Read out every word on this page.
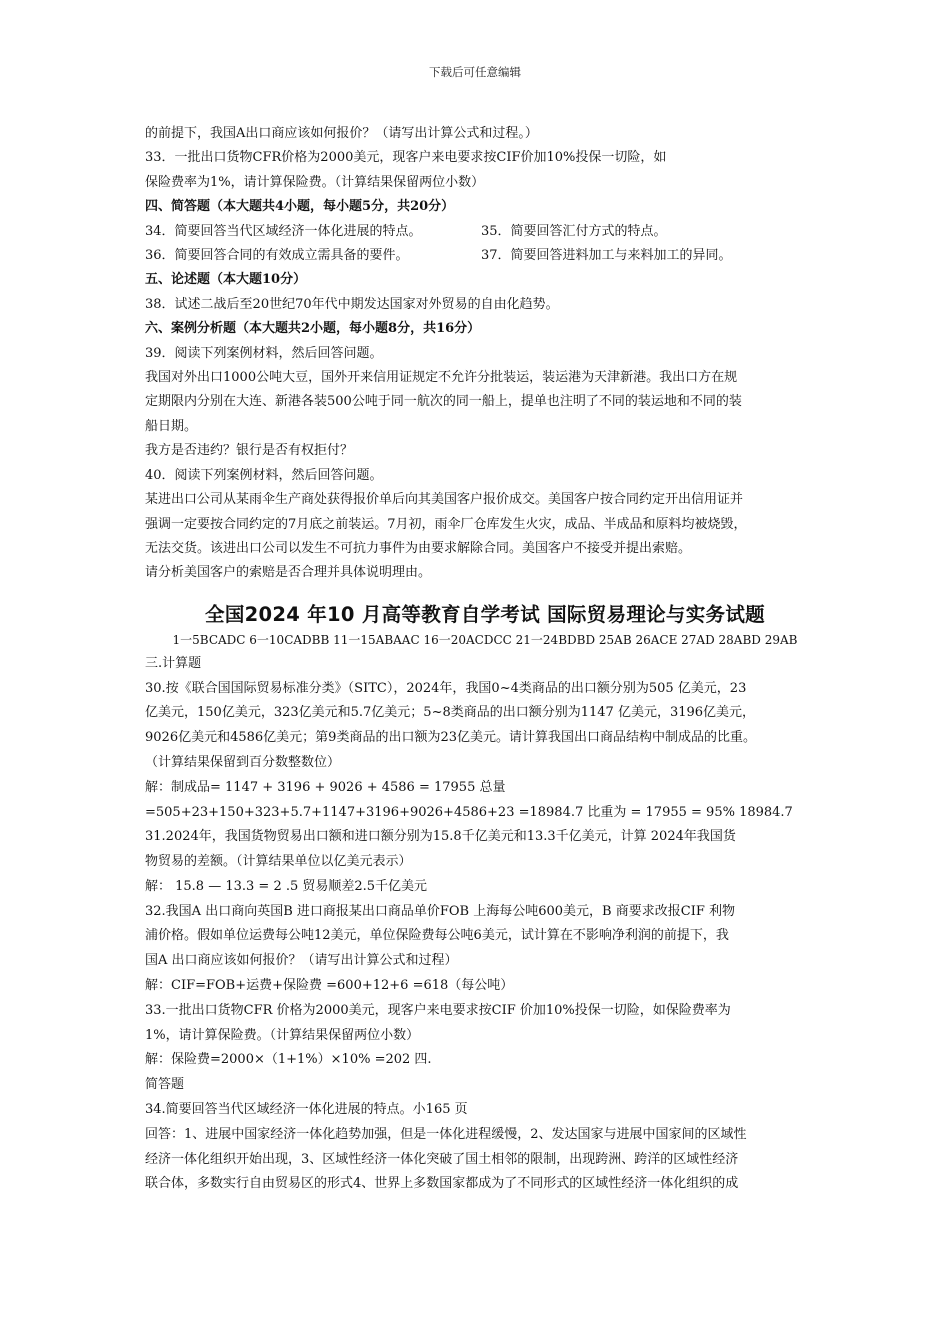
下载后可任意编辑

的前提下，我国A出口商应该如何报价？（请写出计算公式和过程。）

33．一批出口货物CFR价格为2000美元，现客户来电要求按CIF价加10%投保一切险，如

保险费率为1%，请计算保险费。（计算结果保留两位小数）

四、简答题（本大题共4小题，每小题5分，共20分）

34．简要回答当代区域经济一体化进展的特点。	35．简要回答汇付方式的特点。

36．简要回答合同的有效成立需具备的要件。	37．简要回答进料加工与来料加工的异同。

五、论述题（本大题10分）

38．试述二战后至20世纪70年代中期发达国家对外贸易的自由化趋势。

六、案例分析题（本大题共2小题，每小题8分，共16分）

39．阅读下列案例材料，然后回答问题。

我国对外出口1000公吨大豆，国外开来信用证规定不允许分批装运，装运港为天津新港。我出口方在规

定期限内分别在大连、新港各装500公吨于同一航次的同一船上，提单也注明了不同的装运地和不同的装

船日期。

我方是否违约？银行是否有权拒付？

40．阅读下列案例材料，然后回答问题。

某进出口公司从某雨伞生产商处获得报价单后向其美国客户报价成交。美国客户按合同约定开出信用证并

强调一定要按合同约定的7月底之前装运。7月初，雨伞厂仓库发生火灾，成品、半成品和原料均被烧毁，

无法交货。该进出口公司以发生不可抗力事件为由要求解除合同。美国客户不接受并提出索赔。

请分析美国客户的索赔是否合理并具体说明理由。

全国2024 年10 月高等教育自学考试 国际贸易理论与实务试题

1一5BCADC 6一10CADBB 11一15ABAAC 16一20ACDCC 21一24BDBD 25AB 26ACE 27AD 28ABD 29AB

三.计算题

30.按《联合国国际贸易标准分类》（SITC），2024年，我国0~4类商品的出口额分别为505 亿美元，23

亿美元，150亿美元，323亿美元和5.7亿美元；5~8类商品的出口额分别为1147 亿美元，3196亿美元，

9026亿美元和4586亿美元；第9类商品的出口额为23亿美元。请计算我国出口商品结构中制成品的比重。

（计算结果保留到百分数整数位）

解：制成品= 1147 + 3196 + 9026 + 4586 = 17955 总量

=505+23+150+323+5.7+1147+3196+9026+4586+23 =18984.7 比重为 = 17955 = 95% 18984.7

31.2024年，我国货物贸易出口额和进口额分别为15.8千亿美元和13.3千亿美元，计算 2024年我国货

物贸易的差额。（计算结果单位以亿美元表示）

解： 15.8 — 13.3 = 2 .5 贸易顺差2.5千亿美元

32.我国A 出口商向英国B 进口商报某出口商品单价FOB 上海每公吨600美元，B 商要求改报CIF 利物

浦价格。假如单位运费每公吨12美元，单位保险费每公吨6美元，试计算在不影响净利润的前提下，我

国A 出口商应该如何报价？（请写出计算公式和过程）

解：CIF=FOB+运费+保险费 =600+12+6 =618（每公吨）

33.一批出口货物CFR 价格为2000美元，现客户来电要求按CIF 价加10%投保一切险，如保险费率为

1%，请计算保险费。（计算结果保留两位小数）

解：保险费=2000×（1+1%）×10% =202 四.

简答题

34.简要回答当代区域经济一体化进展的特点。小165 页

回答：1、进展中国家经济一体化趋势加强，但是一体化进程缓慢，2、发达国家与进展中国家间的区域性

经济一体化组织开始出现，3、区域性经济一体化突破了国土相邻的限制，出现跨洲、跨洋的区域性经济

联合体，多数实行自由贸易区的形式4、世界上多数国家都成为了不同形式的区域性经济一体化组织的成
